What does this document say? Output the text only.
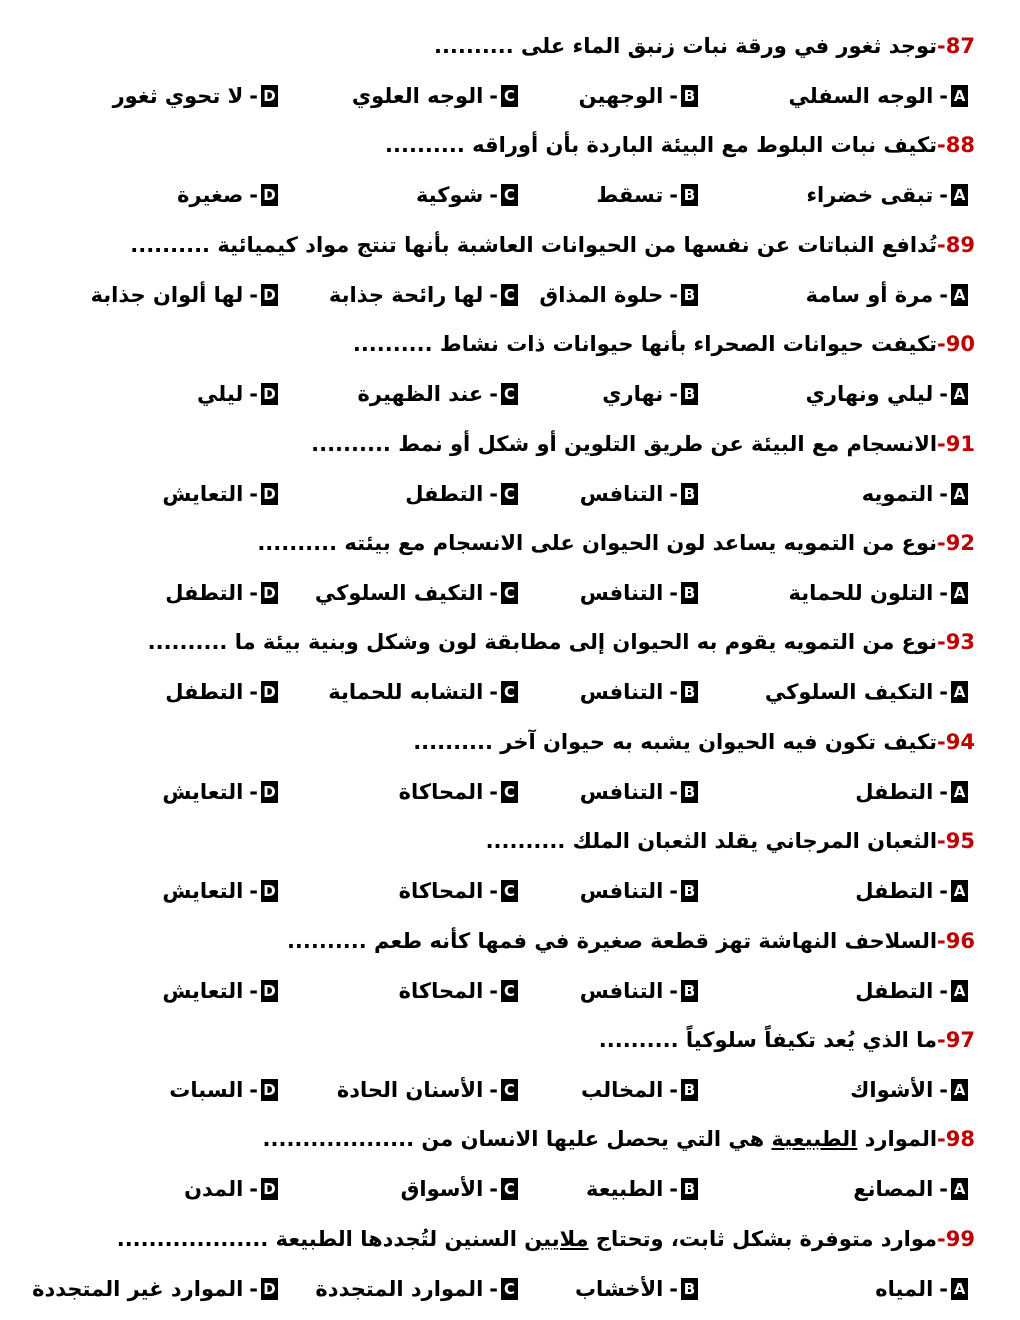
87-توجد ثغور في ورقة نبات زنبق الماء على ..........
A
-
الوجه السفلي
B
-
الوجهين
C
-
الوجه العلوي
D
-
لا تحوي ثغور
88-تكيف نبات البلوط مع البيئة الباردة بأن أوراقه ..........
A
-
تبقى خضراء
B
-
تسقط
C
-
شوكية
D
-
صغيرة
89-تُدافع النباتات عن نفسها من الحيوانات العاشبة بأنها تنتج مواد كيميائية ..........
A
-
مرة أو سامة
B
-
حلوة المذاق
C
-
لها رائحة جذابة
D
-
لها ألوان جذابة
90-تكيفت حيوانات الصحراء بأنها حيوانات ذات نشاط ..........
A
-
ليلي ونهاري
B
-
نهاري
C
-
عند الظهيرة
D
-
ليلي
91-الانسجام مع البيئة عن طريق التلوين أو شكل أو نمط ..........
A
-
التمويه
B
-
التنافس
C
-
التطفل
D
-
التعايش
92-نوع من التمويه يساعد لون الحيوان على الانسجام مع بيئته ..........
A
-
التلون للحماية
B
-
التنافس
C
-
التكيف السلوكي
D
-
التطفل
93-نوع من التمويه يقوم به الحيوان إلى مطابقة لون وشكل وبنية بيئة ما ..........
A
-
التكيف السلوكي
B
-
التنافس
C
-
التشابه للحماية
D
-
التطفل
94-تكيف تكون فيه الحيوان يشبه به حيوان آخر ..........
A
-
التطفل
B
-
التنافس
C
-
المحاكاة
D
-
التعايش
95-الثعبان المرجاني يقلد الثعبان الملك ..........
A
-
التطفل
B
-
التنافس
C
-
المحاكاة
D
-
التعايش
96-السلاحف النهاشة تهز قطعة صغيرة في فمها كأنه طعم ..........
A
-
التطفل
B
-
التنافس
C
-
المحاكاة
D
-
التعايش
97-ما الذي يُعد تكيفاً سلوكياً ..........
A
-
الأشواك
B
-
المخالب
C
-
الأسنان الحادة
D
-
السبات
98-الموارد الطبيعية هي التي يحصل عليها الانسان من ...................
A
-
المصانع
B
-
الطبيعة
C
-
الأسواق
D
-
المدن
99-موارد متوفرة بشكل ثابت، وتحتاج ملايين السنين لتُجددها الطبيعة ...................
A
-
المياه
B
-
الأخشاب
C
-
الموارد المتجددة
D
-
الموارد غير المتجددة
